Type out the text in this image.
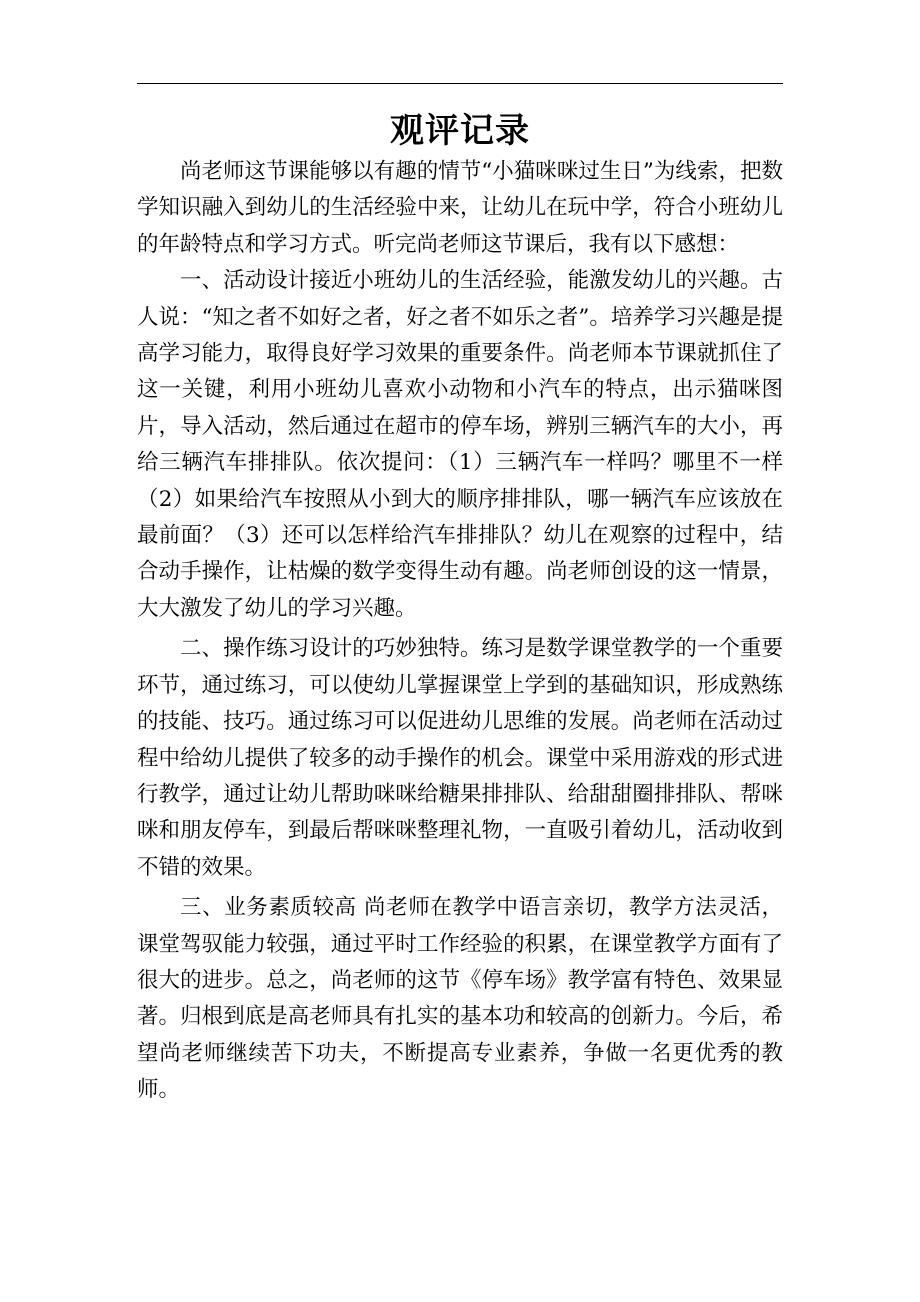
观评记录

尚老师这节课能够以有趣的情节“小猫咪咪过生日”为线索，把数学知识融入到幼儿的生活经验中来，让幼儿在玩中学，符合小班幼儿的年龄特点和学习方式。听完尚老师这节课后，我有以下感想：

一、活动设计接近小班幼儿的生活经验，能激发幼儿的兴趣。古人说：“知之者不如好之者，好之者不如乐之者”。培养学习兴趣是提高学习能力，取得良好学习效果的重要条件。尚老师本节课就抓住了这一关键，利用小班幼儿喜欢小动物和小汽车的特点，出示猫咪图片，导入活动，然后通过在超市的停车场，辨别三辆汽车的大小，再给三辆汽车排排队。依次提问：（1）三辆汽车一样吗？哪里不一样（2）如果给汽车按照从小到大的顺序排排队，哪一辆汽车应该放在最前面？（3）还可以怎样给汽车排排队？幼儿在观察的过程中，结合动手操作，让枯燥的数学变得生动有趣。尚老师创设的这一情景，大大激发了幼儿的学习兴趣。

二、操作练习设计的巧妙独特。练习是数学课堂教学的一个重要环节，通过练习，可以使幼儿掌握课堂上学到的基础知识，形成熟练的技能、技巧。通过练习可以促进幼儿思维的发展。尚老师在活动过程中给幼儿提供了较多的动手操作的机会。课堂中采用游戏的形式进行教学，通过让幼儿帮助咪咪给糖果排排队、给甜甜圈排排队、帮咪咪和朋友停车，到最后帮咪咪整理礼物，一直吸引着幼儿，活动收到不错的效果。

三、业务素质较高 尚老师在教学中语言亲切，教学方法灵活，课堂驾驭能力较强，通过平时工作经验的积累，在课堂教学方面有了很大的进步。总之，尚老师的这节《停车场》教学富有特色、效果显著。归根到底是高老师具有扎实的基本功和较高的创新力。今后，希望尚老师继续苦下功夫，不断提高专业素养，争做一名更优秀的教师。
